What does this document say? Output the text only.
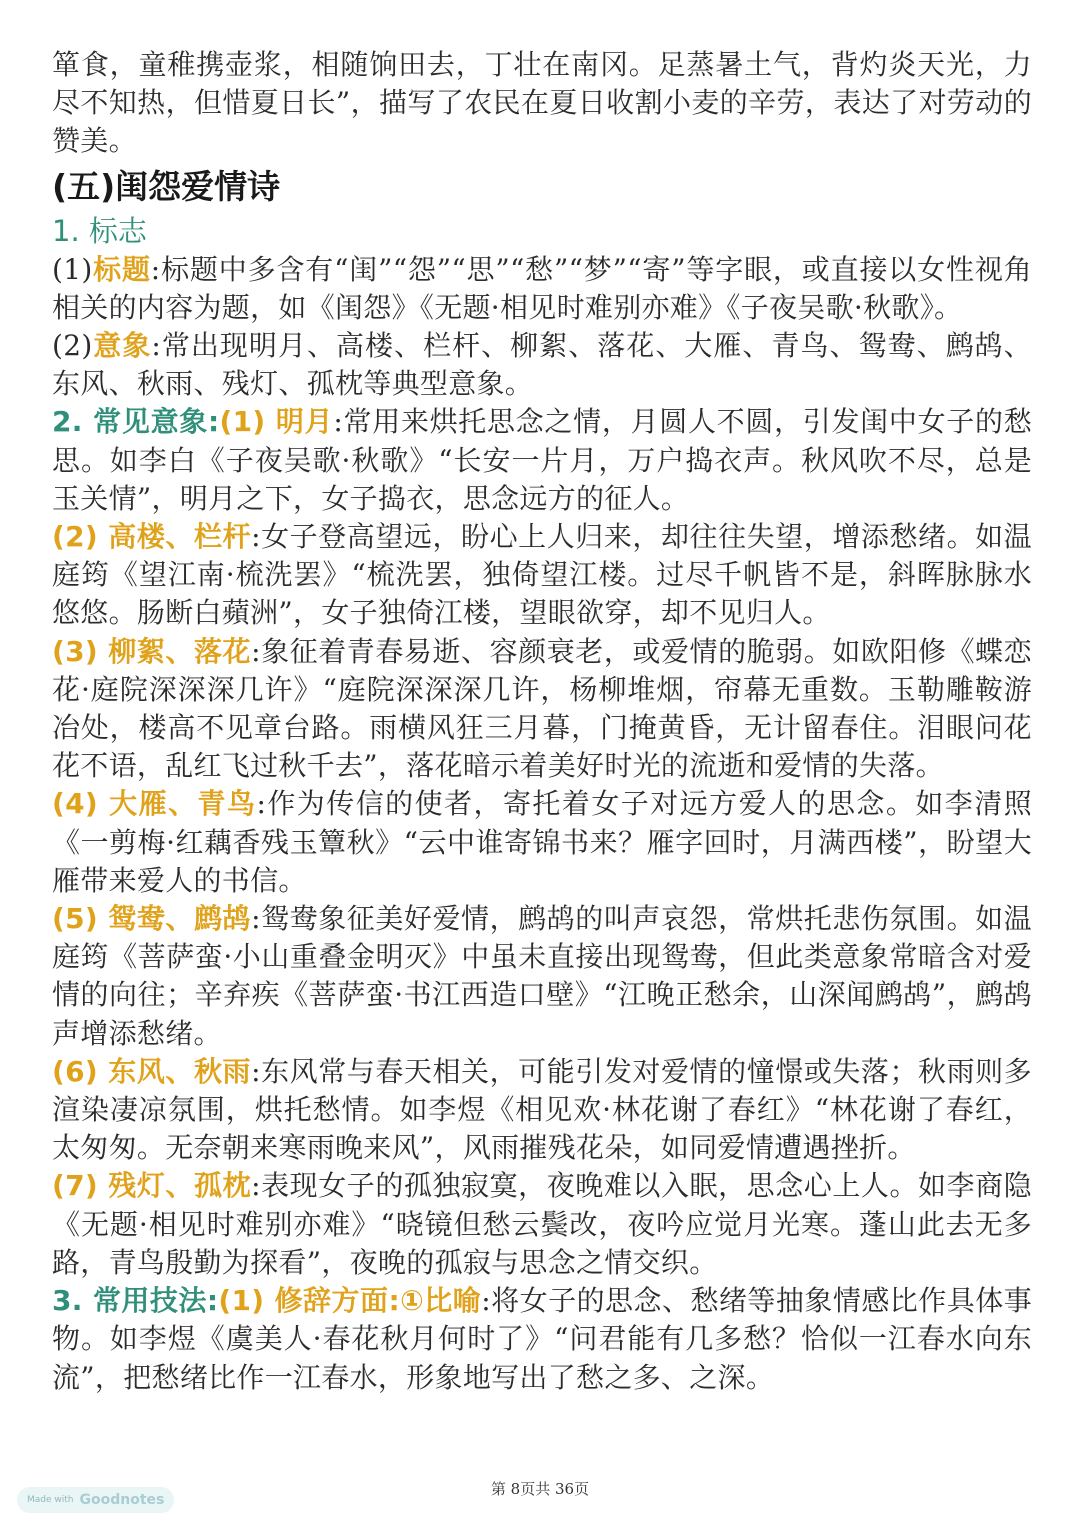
箪食，童稚携壶浆，相随饷田去，丁壮在南冈。足蒸暑土气，背灼炎天光，力尽不知热，但惜夏日长”，描写了农民在夏日收割小麦的辛劳，表达了对劳动的赞美。

(五)闺怨爱情诗
1. 标志

(1)标题:标题中多含有“闺”“怨”“思”“愁”“梦”“寄”等字眼，或直接以女性视角相关的内容为题，如《闺怨》《无题·相见时难别亦难》《子夜吴歌·秋歌》。

(2)意象:常出现明月、高楼、栏杆、柳絮、落花、大雁、青鸟、鸳鸯、鹧鸪、东风、秋雨、残灯、孤枕等典型意象。

2. 常见意象:(1) 明月:常用来烘托思念之情，月圆人不圆，引发闺中女子的愁思。如李白《子夜吴歌·秋歌》“长安一片月，万户捣衣声。秋风吹不尽，总是玉关情”，明月之下，女子捣衣，思念远方的征人。

(2) 高楼、栏杆:女子登高望远，盼心上人归来，却往往失望，增添愁绪。如温庭筠《望江南·梳洗罢》“梳洗罢，独倚望江楼。过尽千帆皆不是，斜晖脉脉水悠悠。肠断白蘋洲”，女子独倚江楼，望眼欲穿，却不见归人。

(3) 柳絮、落花:象征着青春易逝、容颜衰老，或爱情的脆弱。如欧阳修《蝶恋花·庭院深深深几许》“庭院深深深几许，杨柳堆烟，帘幕无重数。玉勒雕鞍游冶处，楼高不见章台路。雨横风狂三月暮，门掩黄昏，无计留春住。泪眼问花花不语，乱红飞过秋千去”，落花暗示着美好时光的流逝和爱情的失落。

(4) 大雁、青鸟:作为传信的使者，寄托着女子对远方爱人的思念。如李清照《一剪梅·红藕香残玉簟秋》“云中谁寄锦书来？雁字回时，月满西楼”，盼望大雁带来爱人的书信。

(5) 鸳鸯、鹧鸪:鸳鸯象征美好爱情，鹧鸪的叫声哀怨，常烘托悲伤氛围。如温庭筠《菩萨蛮·小山重叠金明灭》中虽未直接出现鸳鸯，但此类意象常暗含对爱情的向往；辛弃疾《菩萨蛮·书江西造口壁》“江晚正愁余，山深闻鹧鸪”，鹧鸪声增添愁绪。

(6) 东风、秋雨:东风常与春天相关，可能引发对爱情的憧憬或失落；秋雨则多渲染凄凉氛围，烘托愁情。如李煜《相见欢·林花谢了春红》“林花谢了春红，太匆匆。无奈朝来寒雨晚来风”，风雨摧残花朵，如同爱情遭遇挫折。

(7) 残灯、孤枕:表现女子的孤独寂寞，夜晚难以入眠，思念心上人。如李商隐《无题·相见时难别亦难》“晓镜但愁云鬓改，夜吟应觉月光寒。蓬山此去无多路，青鸟殷勤为探看”，夜晚的孤寂与思念之情交织。

3. 常用技法:(1) 修辞方面:①比喻:将女子的思念、愁绪等抽象情感比作具体事物。如李煜《虞美人·春花秋月何时了》“问君能有几多愁？恰似一江春水向东流”，把愁绪比作一江春水，形象地写出了愁之多、之深。

第 8页共 36页
Made with Goodnotes
